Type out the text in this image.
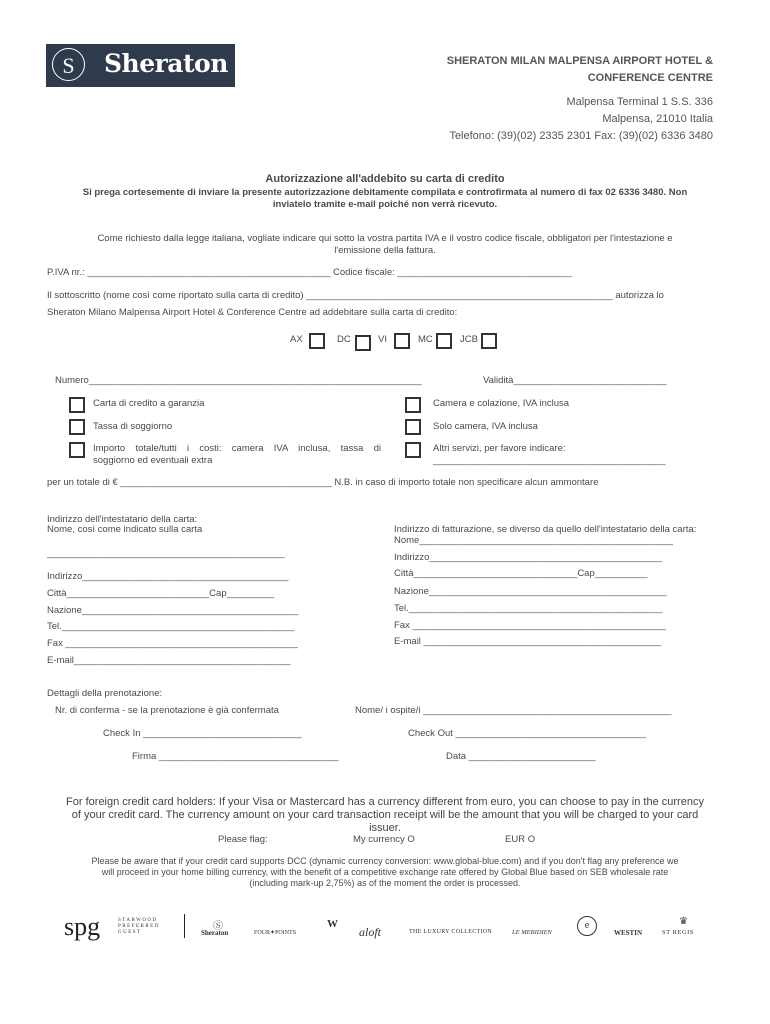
S	Sheraton	SHERATON MILAN MALPENSA AIRPORT HOTEL &
CONFERENCE CENTRE
Malpensa Terminal 1 S.S. 336
Malpensa, 21010 Italia
Telefono: (39)(02) 2335 2301 Fax: (39)(02) 6336 3480
Autorizzazione all'addebito su carta di credito
Si prega cortesemente di inviare la presente autorizzazione debitamente compilata e controfirmata al numero di fax 02 6336 3480. Non
inviatelo tramite e-mail poiché non verrà ricevuto.
Come richiesto dalla legge italiana, vogliate indicare qui sotto la vostra partita IVA e il vostro codice fiscale, obbligatori per l'intestazione e
l'emissione della fattura.
P.IVA nr.: ______________________________________________ Codice fiscale: _________________________________
Il sottoscritto (nome così come riportato sulla carta di credito) __________________________________________________________ autorizza lo
Sheraton Milano Malpensa Airport Hotel & Conference Centre ad addebitare sulla carta di credito:
AX	DC	VI	MC	JCB
Numero_______________________________________________________________	Validità_____________________________
Carta di credito a garanzia
Tassa di soggiorno
Importo totale/tutti i costi: camera IVA inclusa, tassa di
soggiorno ed eventuali extra
Camera e colazione, IVA inclusa
Solo camera, IVA inclusa
Altri servizi, per favore indicare:
____________________________________________
per un totale di € ________________________________________ N.B. in caso di importo totale non specificare alcun ammontare
Indirizzo dell'intestatario della carta:
Nome, così come indicato sulla carta
_____________________________________________
Indirizzo_______________________________________
Città___________________________Cap_________
Nazione_________________________________________
Tel.____________________________________________
Fax ____________________________________________
E-mail_________________________________________
Indirizzo di fatturazione, se diverso da quello dell'intestatario della carta:
Nome________________________________________________
Indirizzo____________________________________________
Città_______________________________Cap__________
Nazione_____________________________________________
Tel.________________________________________________
Fax ________________________________________________
E-mail _____________________________________________
Dettagli della prenotazione:
Nr. di conferma - se la prenotazione è già confermata	Nome/ i ospite/i _______________________________________________
Check In ______________________________	Check Out ____________________________________
Firma __________________________________	Data ________________________
For foreign credit card holders: If your Visa or Mastercard has a currency different from euro, you can choose to pay in the currency
of your credit card. The currency amount on your card transaction receipt will be the amount that you will be charged to your card
issuer.
Please flag:	My currency O	EUR O
Please be aware that if your credit card supports DCC (dynamic currency conversion: www.global-blue.com) and if you don't flag any preference we
will proceed in your home billing currency, with the benefit of a competitive exchange rate offered by Global Blue based on SEB wholesale rate
(including mark-up 2,75%) as of the moment the order is processed.
spg	STARWOOD
PREFERRED
GUEST
Ⓢ
Sheraton	FOUR✦POINTS
W
aloft	THE LUXURY COLLECTION	LE MERIDIEN
e
WESTIN
♛
ST REGIS
